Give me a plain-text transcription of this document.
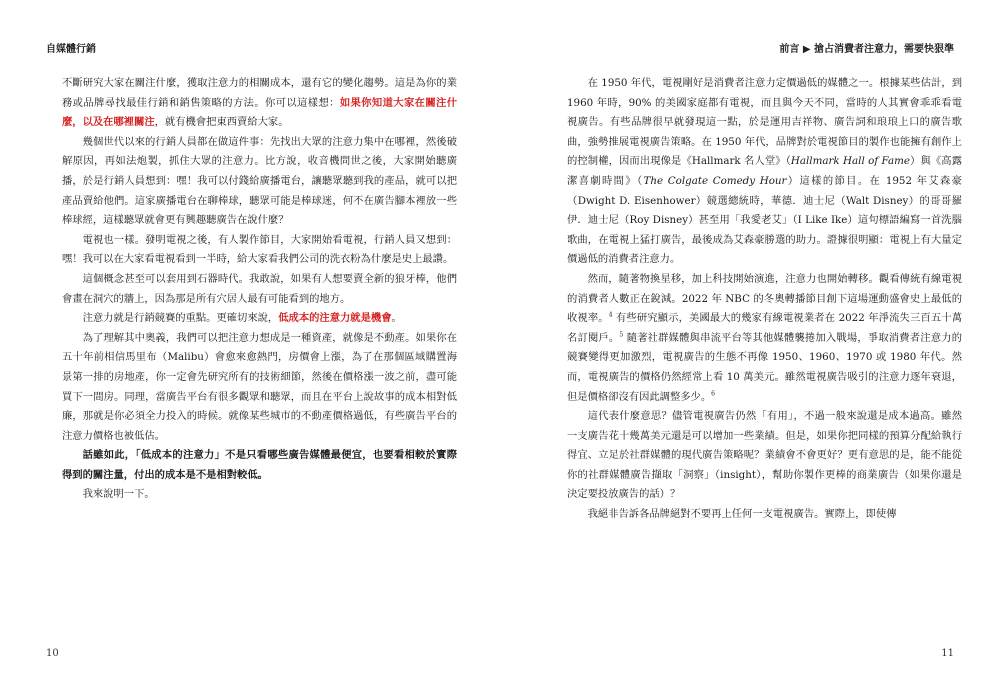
自媒體行銷	前言 ▶ 搶占消費者注意力，需要快狠準

不斷研究大家在關注什麼，獲取注意力的相關成本，還有它的變化趨勢。這是為你的業務或品牌尋找最佳行銷和銷售策略的方法。你可以這樣想：如果你知道大家在關注什麼，以及在哪裡關注，就有機會把東西賣給大家。

幾個世代以來的行銷人員都在做這件事：先找出大眾的注意力集中在哪裡，然後破解原因，再如法炮製，抓住大眾的注意力。比方說，收音機問世之後，大家開始聽廣播，於是行銷人員想到：嘿！我可以付錢給廣播電台，讓聽眾聽到我的產品，就可以把產品賣給他們。這家廣播電台在聊棒球，聽眾可能是棒球迷，何不在廣告腳本裡放一些棒球經，這樣聽眾就會更有興趣聽廣告在說什麼？

電視也一樣。發明電視之後，有人製作節目，大家開始看電視，行銷人員又想到：嘿！我可以在大家看電視看到一半時，給大家看我們公司的洗衣粉為什麼是史上最讚。

這個概念甚至可以套用到石器時代。我敢說，如果有人想要賣全新的狼牙棒，他們會畫在洞穴的牆上，因為那是所有穴居人最有可能看到的地方。

注意力就是行銷競賽的重點。更確切來說，低成本的注意力就是機會。

為了理解其中奧義，我們可以把注意力想成是一種資產，就像是不動產。如果你在五十年前相信馬里布（Malibu）會愈來愈熱門，房價會上漲，為了在那個區域購置海景第一排的房地產，你一定會先研究所有的技術細節，然後在價格漲一波之前，盡可能買下一間房。同理，當廣告平台有很多觀眾和聽眾，而且在平台上說故事的成本相對低廉，那就是你必須全力投入的時候。就像某些城市的不動產價格過低，有些廣告平台的注意力價格也被低估。

話雖如此，「低成本的注意力」不是只看哪些廣告媒體最便宜，也要看相較於實際得到的關注量，付出的成本是不是相對較低。

我來說明一下。

在 1950 年代，電視剛好是消費者注意力定價過低的媒體之一。根據某些估計，到 1960 年時，90% 的美國家庭都有電視，而且與今天不同，當時的人其實會乖乖看電視廣告。有些品牌很早就發現這一點，於是運用吉祥物、廣告詞和琅琅上口的廣告歌曲，強勢推展電視廣告策略。在 1950 年代，品牌對於電視節目的製作也能擁有創作上的控制權，因而出現像是《Hallmark 名人堂》（Hallmark Hall of Fame）與《高露潔喜劇時間》（The Colgate Comedy Hour）這樣的節目。在 1952 年艾森豪（Dwight D. Eisenhower）競選總統時，華德．迪士尼（Walt Disney）的哥哥羅伊．迪士尼（Roy Disney）甚至用「我愛老艾」（I Like Ike）這句標語編寫一首洗腦歌曲，在電視上猛打廣告，最後成為艾森豪勝選的助力。證據很明顯：電視上有大量定價過低的消費者注意力。

然而，隨著物換星移，加上科技開始演進，注意力也開始轉移。觀看傳統有線電視的消費者人數正在銳減。2022 年 NBC 的冬奧轉播節目創下這場運動盛會史上最低的收視率。$^4$ 有些研究顯示，美國最大的幾家有線電視業者在 2022 年淨流失三百五十萬名訂閱戶。$^5$ 隨著社群媒體與串流平台等其他媒體襲捲加入戰場，爭取消費者注意力的競賽變得更加激烈，電視廣告的生態不再像 1950、1960、1970 或 1980 年代。然而，電視廣告的價格仍然經常上看 10 萬美元。雖然電視廣告吸引的注意力逐年衰退，但是價格卻沒有因此調整多少。$^6$

這代表什麼意思？儘管電視廣告仍然「有用」，不過一般來說還是成本過高。雖然一支廣告花十幾萬美元還是可以增加一些業績。但是，如果你把同樣的預算分配給執行得宜、立足於社群媒體的現代廣告策略呢？業績會不會更好？更有意思的是，能不能從你的社群媒體廣告擷取「洞察」（insight），幫助你製作更棒的商業廣告（如果你還是決定要投放廣告的話）？

我絕非告訴各品牌絕對不要再上任何一支電視廣告。實際上，即使傳

10	11
